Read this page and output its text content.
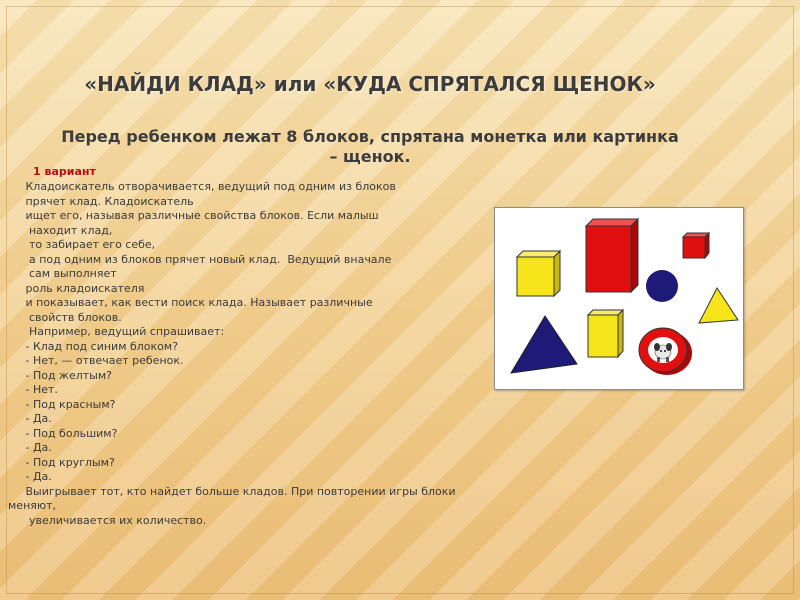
«НАЙДИ КЛАД» или «КУДА СПРЯТАЛСЯ ЩЕНОК»
Перед ребенком лежат 8 блоков, спрятана монетка или картинка – щенок.
1 вариант
Кладоискатель отворачивается, ведущий под одним из блоков
прячет клад. Кладоискатель
ищет его, называя различные свойства блоков. Если малыш
находит клад,
то забирает его себе,
а под одним из блоков прячет новый клад.  Ведущий вначале
сам выполняет
роль кладоискателя
и показывает, как вести поиск клада. Называет различные
свойств блоков.
Например, ведущий спрашивает:
- Клад под синим блоком?
- Нет, — отвечает ребенок.
- Под желтым?
- Нет.
- Под красным?
- Да.
- Под большим?
- Да.
- Под круглым?
- Да.
Выигрывает тот, кто найдет больше кладов. При повторении игры блоки
меняют,
увеличивается их количество.
